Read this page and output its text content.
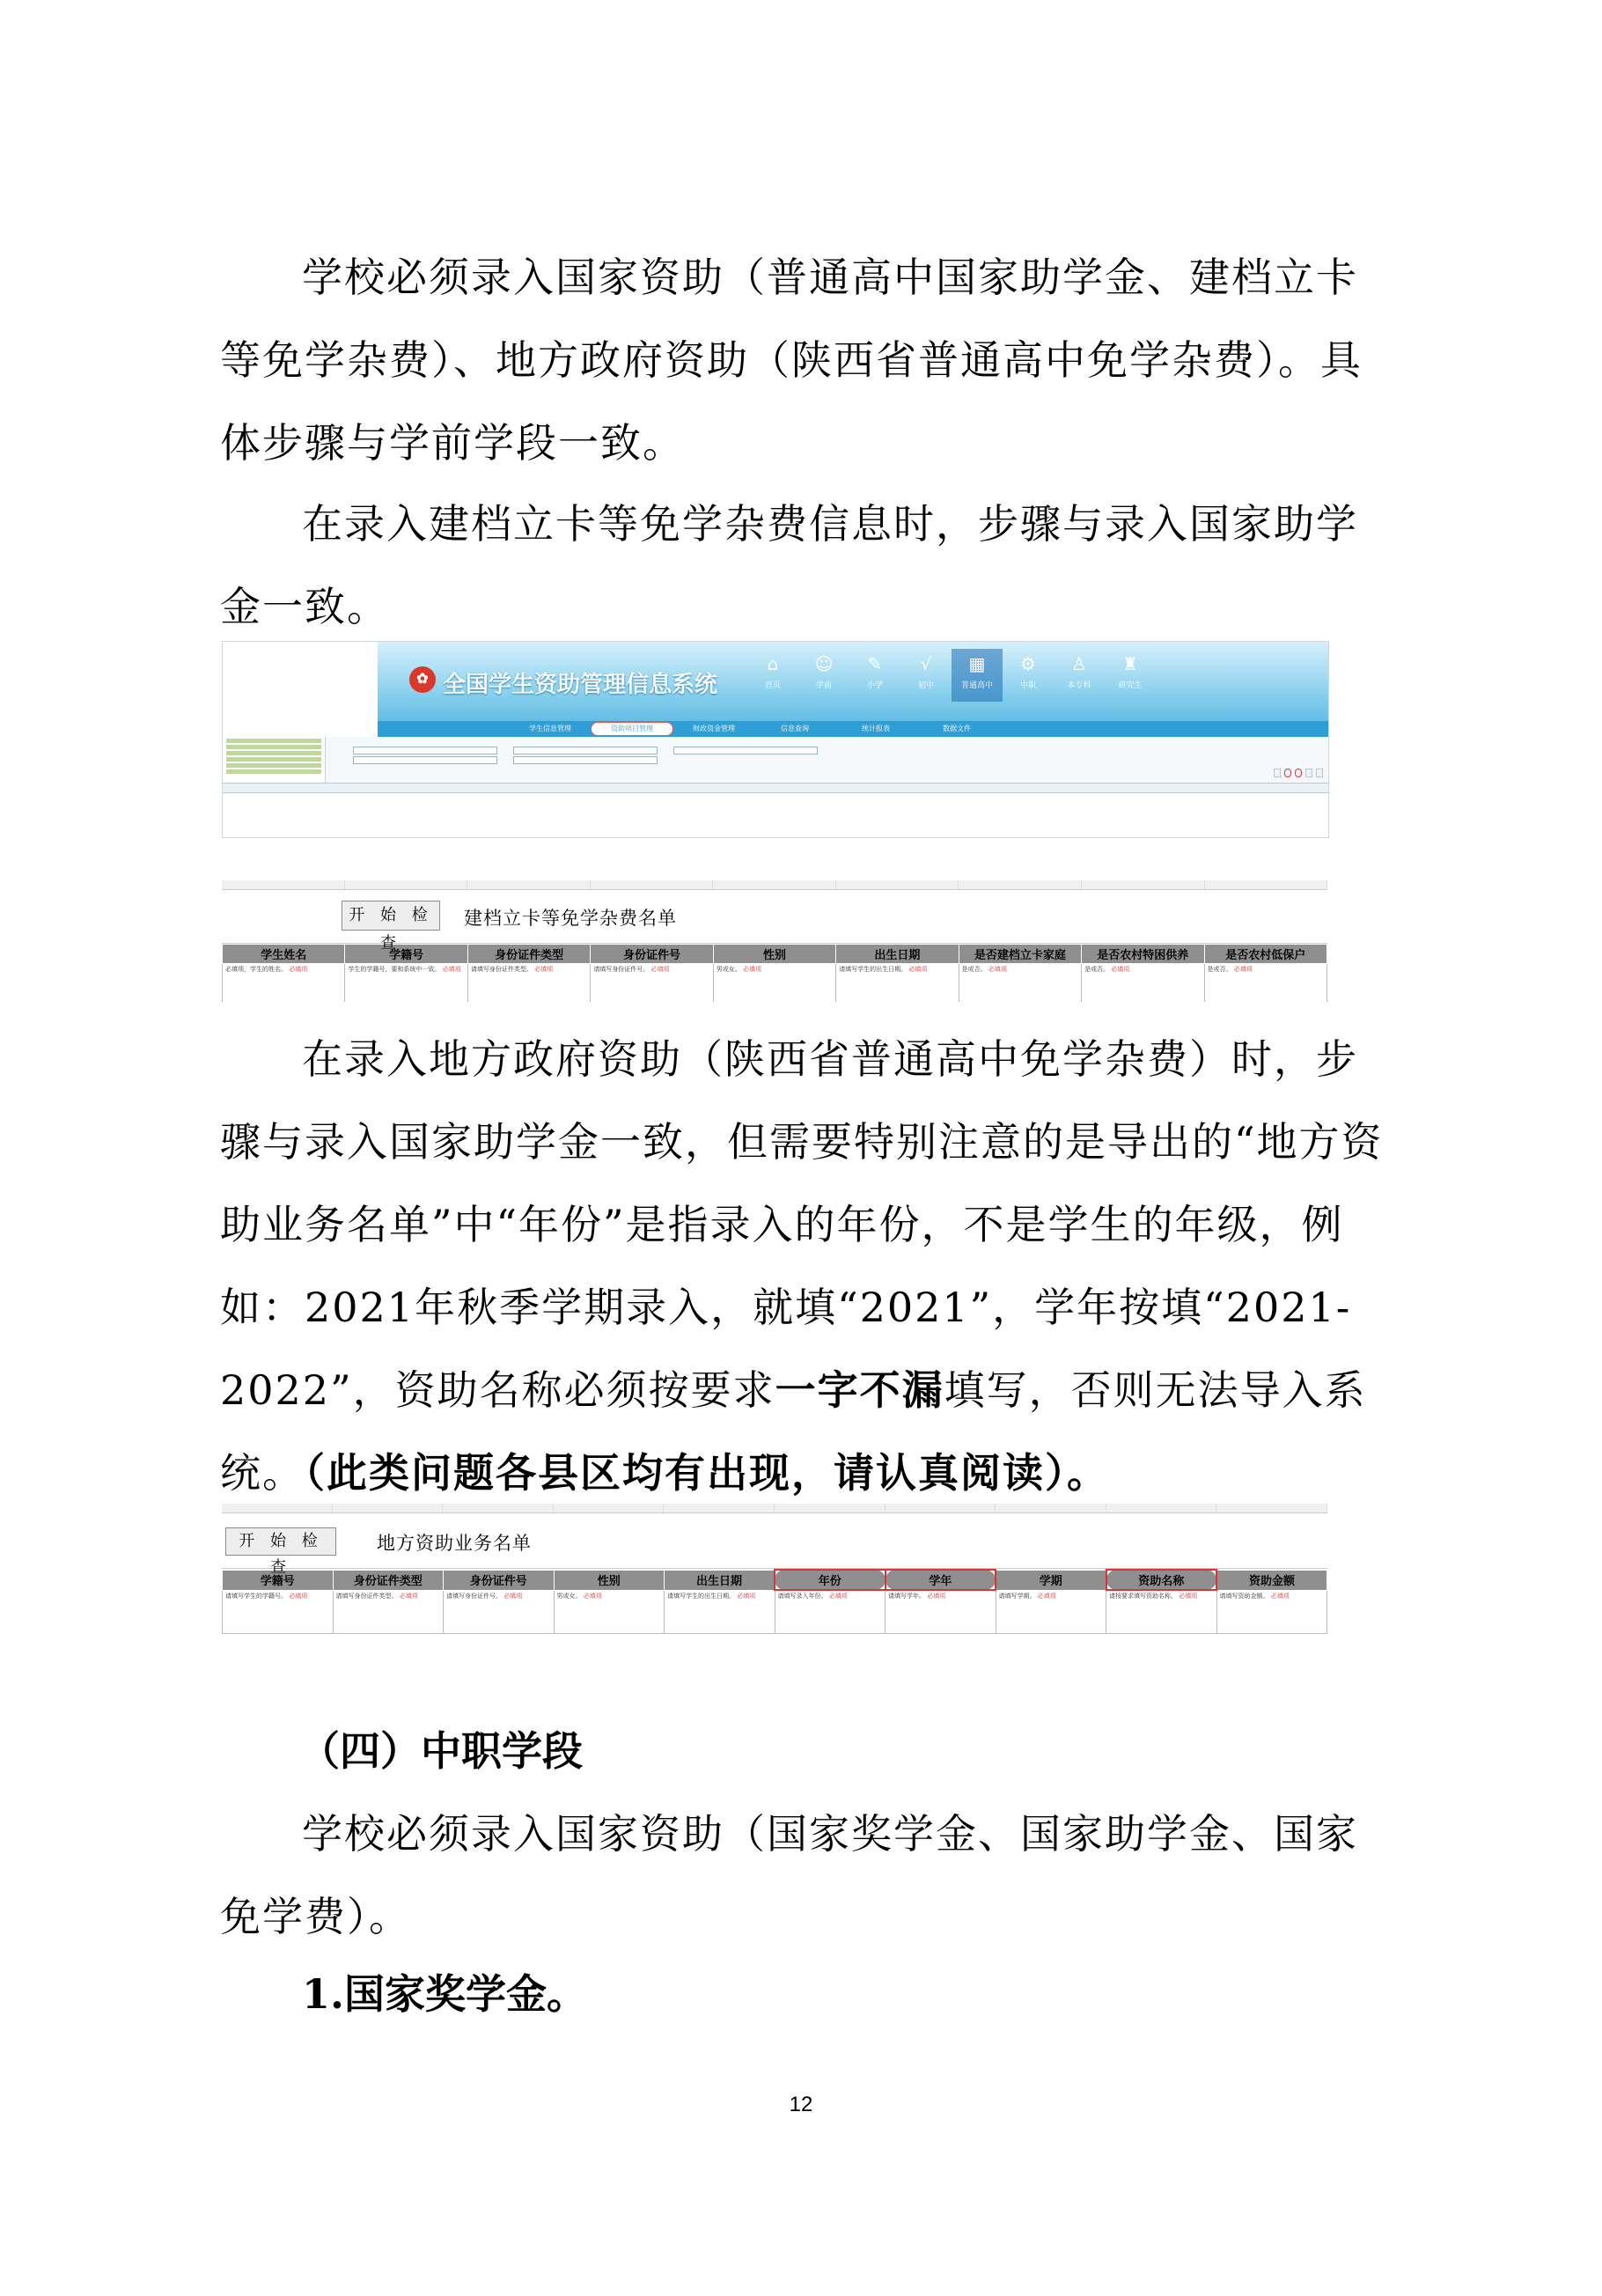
学校必须录入国家资助（普通高中国家助学金、建档立卡等免学杂费）、地方政府资助（陕西省普通高中免学杂费）。具体步骤与学前学段一致。

在录入建档立卡等免学杂费信息时，步骤与录入国家助学金一致。

✿ 全国学生资助管理信息系统
⌂
首页
☺
学前
✎
小学
√
初中
▦
普通高中
⚙
中职
♙
本专科
♜
研究生
学生信息管理	资助项目管理	财政资金管理	信息查询	统计报表	数据文件
开 始 检 查
建档立卡等免学杂费名单
学生姓名	学籍号	身份证件类型	身份证件号	性别	出生日期	是否建档立卡家庭	是否农村特困供养	是否农村低保户
必填项，学生的姓名。 必填项	学生的学籍号，要和系统中一致。 必填项	请填写身份证件类型。 必填项	请填写身份证件号。 必填项	男或女。 必填项	请填写学生的出生日期。 必填项	是或否。 必填项	是或否。 必填项	是或否。 必填项

在录入地方政府资助（陕西省普通高中免学杂费）时，步骤与录入国家助学金一致，但需要特别注意的是导出的“地方资助业务名单”中“年份”是指录入的年份，不是学生的年级，例如：2021年秋季学期录入，就填“2021”，学年按填“2021-2022”，资助名称必须按要求一字不漏填写，否则无法导入系统。（此类问题各县区均有出现，请认真阅读）。

开 始 检 查
地方资助业务名单
学籍号	身份证件类型	身份证件号	性别	出生日期	年份	学年	学期	资助名称	资助金额
请填写学生的学籍号。 必填项	请填写身份证件类型。 必填项	请填写身份证件号。 必填项	男或女。 必填项	请填写学生的出生日期。 必填项	请填写录入年份。 必填项	请填写学年。 必填项	请填写学期。 必填项	请按要求填写资助名称。 必填项	请填写资助金额。 必填项
（四）中职学段

学校必须录入国家资助（国家奖学金、国家助学金、国家免学费）。

1.国家奖学金。
12
